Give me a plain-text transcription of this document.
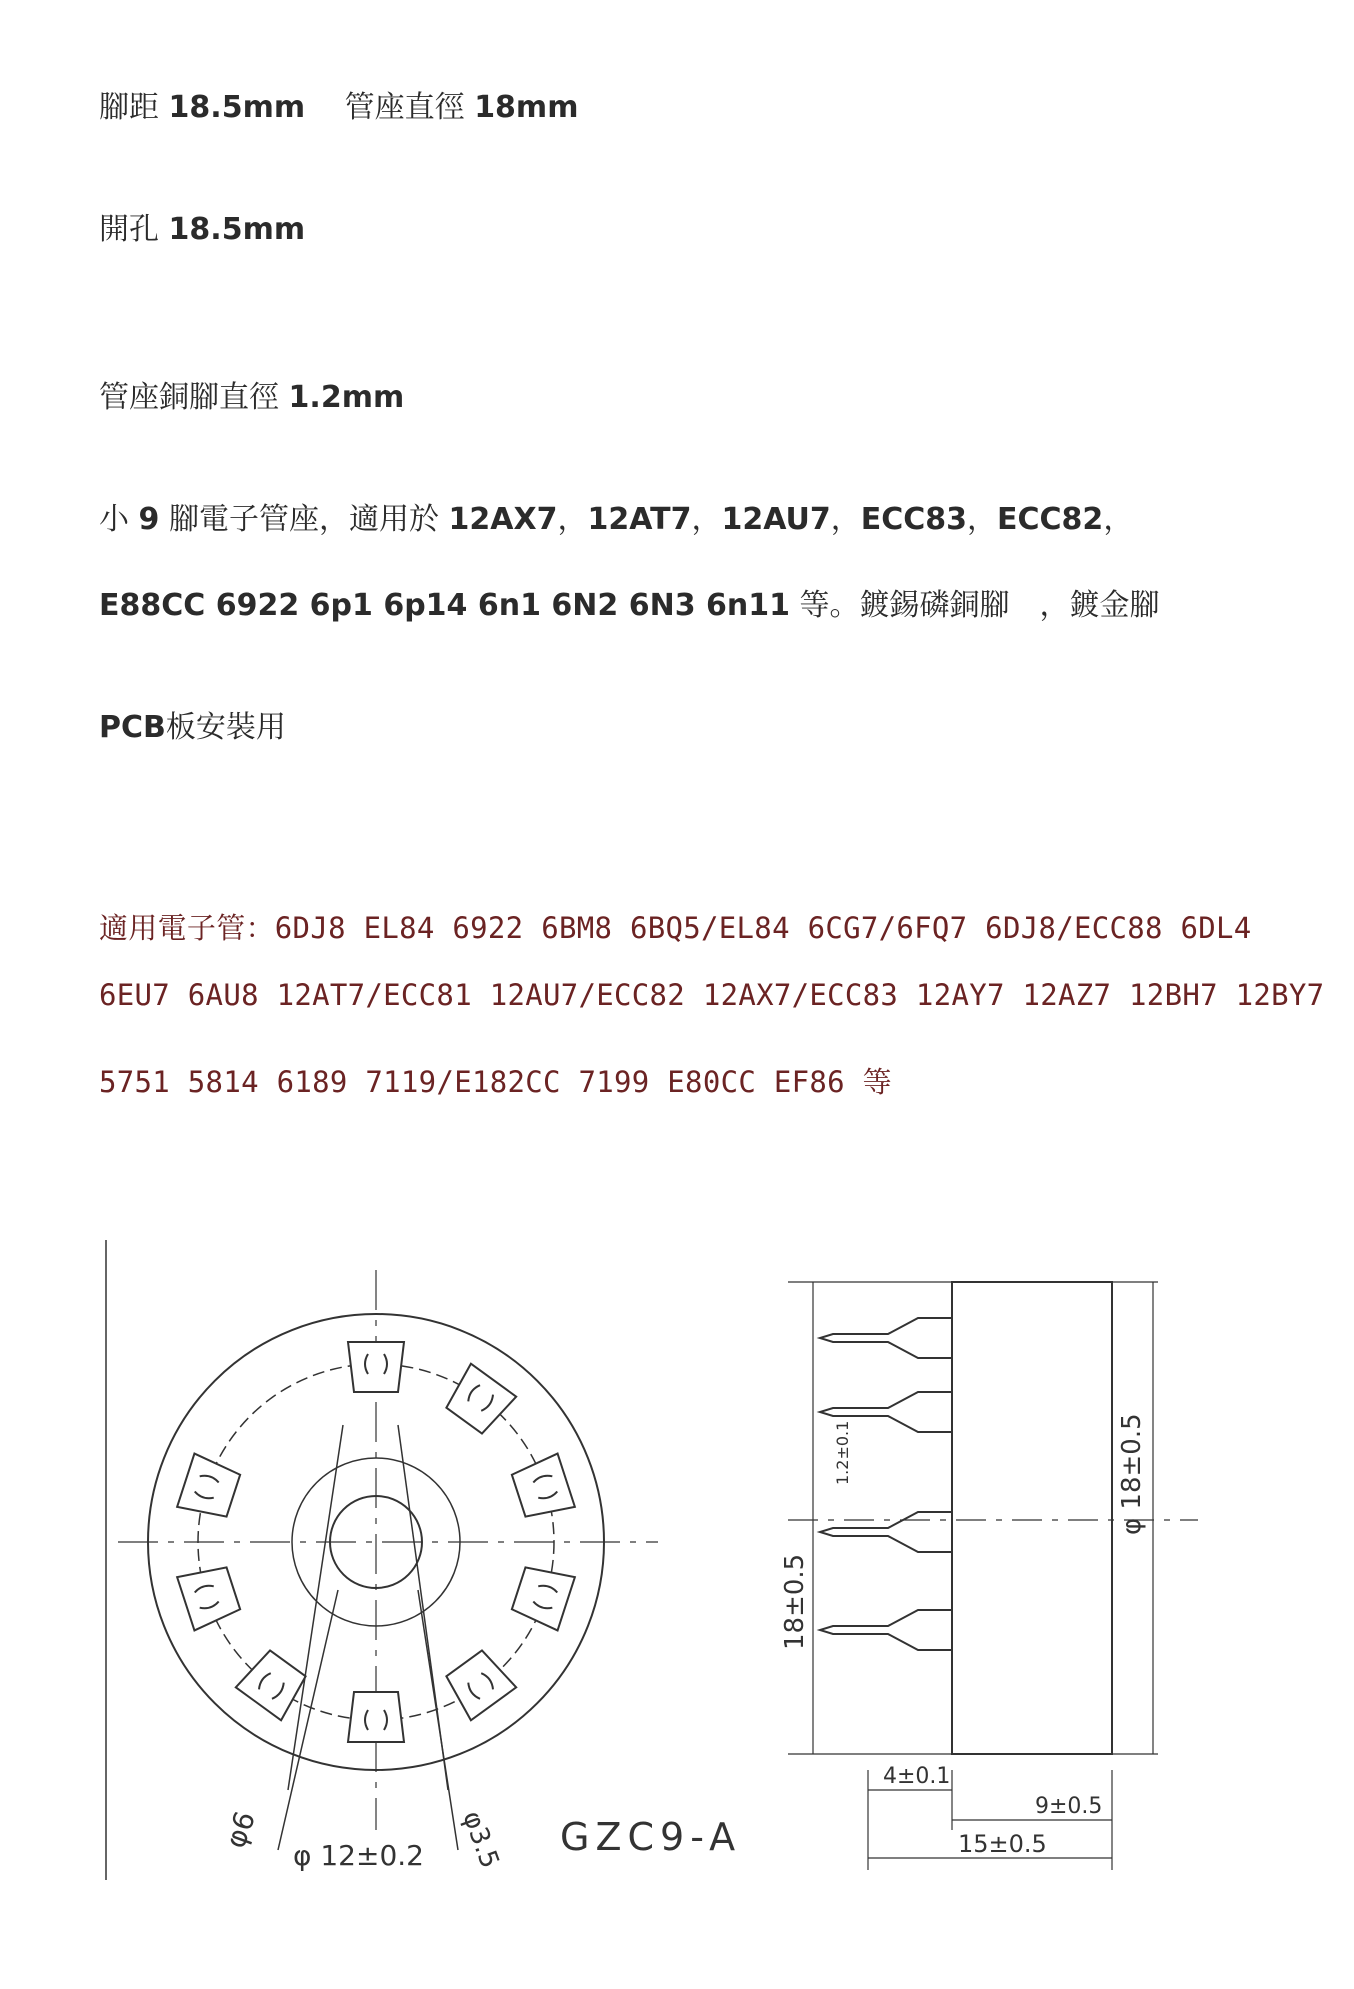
腳距 18.5mm 管座直徑 18mm
開孔 18.5mm
管座銅腳直徑 1.2mm
小 9 腳電子管座，適用於 12AX7，12AT7，12AU7，ECC83，ECC82，
E88CC 6922 6p1 6p14 6n1 6N2 6N3 6n11 等。鍍錫磷銅腳　，鍍金腳
PCB板安裝用
適用電子管：6DJ8 EL84 6922 6BM8 6BQ5/EL84 6CG7/6FQ7 6DJ8/ECC88 6DL4
6EU7 6AU8 12AT7/ECC81 12AU7/ECC82 12AX7/ECC83 12AY7 12AZ7 12BH7 12BY7
5751 5814 6189 7119/E182CC 7199 E80CC EF86 等
φ6
φ 12±0.2 φ3.5 GZC9-A
18±0.5
1.2±0.1	φ 18±0.5
4±0.1
9±0.5
15±0.5
